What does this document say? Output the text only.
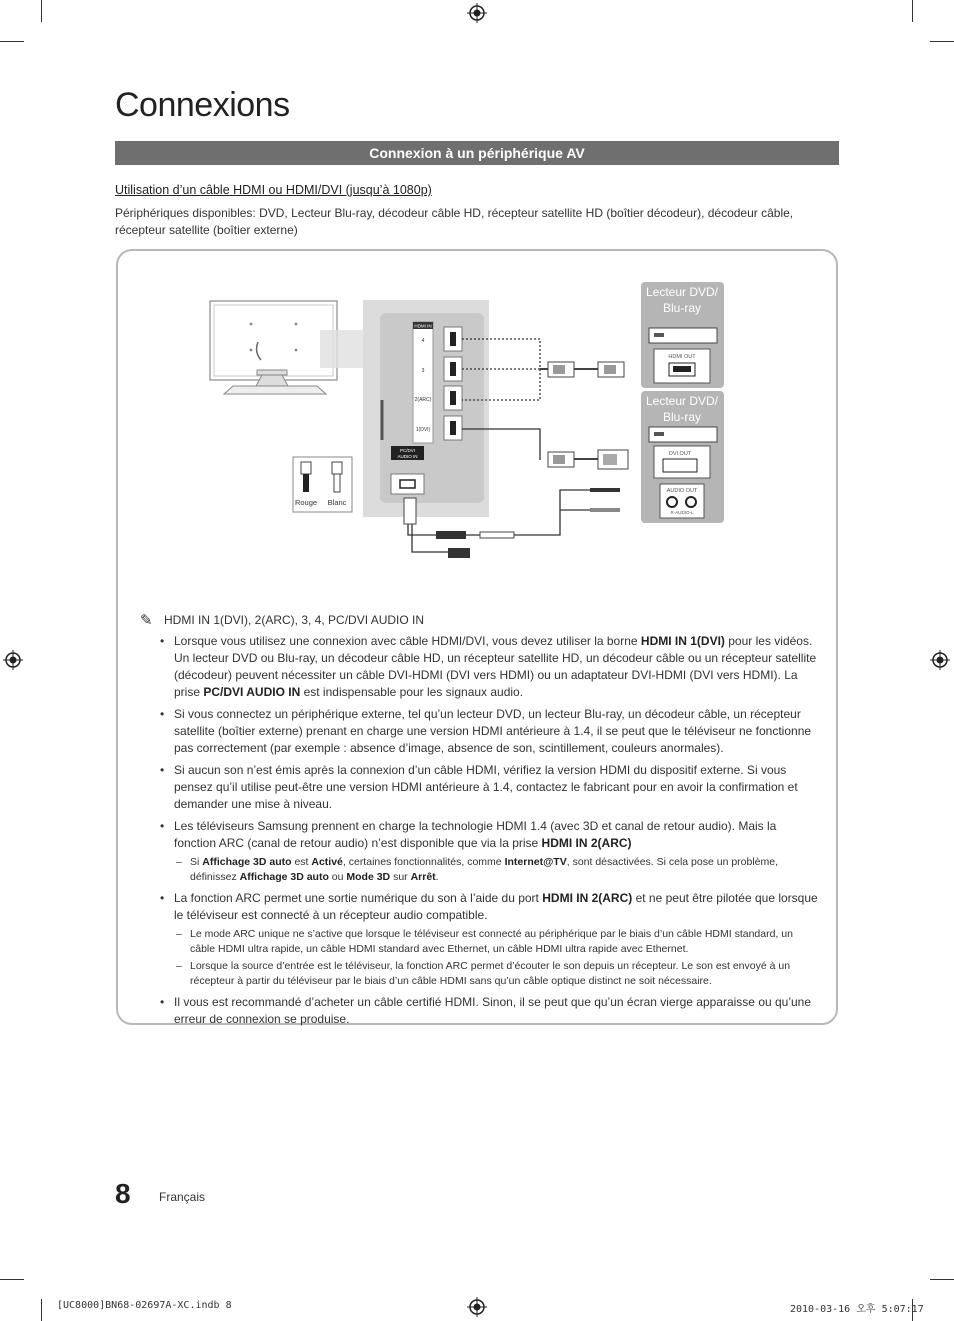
Connexions
Connexion à un périphérique AV
Utilisation d’un câble HDMI ou HDMI/DVI (jusqu’à 1080p)
Périphériques disponibles: DVD, Lecteur Blu-ray, décodeur câble HD, récepteur satellite HD (boîtier décodeur), décodeur câble, récepteur satellite (boîtier externe)
HDMI IN
4
3
2(ARC)
1(DVI)
PC/DVI
AUDIO IN
Rouge Blanc
Lecteur DVD/
Blu-ray
HDMI OUT
Lecteur DVD/
Blu-ray
DVI OUT
AUDIO OUT
R-AUDIO-L
✎ HDMI IN 1(DVI), 2(ARC), 3, 4, PC/DVI AUDIO IN
• Lorsque vous utilisez une connexion avec câble HDMI/DVI, vous devez utiliser la borne HDMI IN 1(DVI) pour les vidéos. Un lecteur DVD ou Blu-ray, un décodeur câble HD, un récepteur satellite HD, un décodeur câble ou un récepteur satellite (décodeur) peuvent nécessiter un câble DVI-HDMI (DVI vers HDMI) ou un adaptateur DVI-HDMI (DVI vers HDMI). La prise PC/DVI AUDIO IN est indispensable pour les signaux audio.
• Si vous connectez un périphérique externe, tel qu’un lecteur DVD, un lecteur Blu-ray, un décodeur câble, un récepteur satellite (boîtier externe) prenant en charge une version HDMI antérieure à 1.4, il se peut que le téléviseur ne fonctionne pas correctement (par exemple : absence d’image, absence de son, scintillement, couleurs anormales).
• Si aucun son n’est émis après la connexion d’un câble HDMI, vérifiez la version HDMI du dispositif externe. Si vous pensez qu’il utilise peut-être une version HDMI antérieure à 1.4, contactez le fabricant pour en avoir la confirmation et demander une mise à niveau.
• Les téléviseurs Samsung prennent en charge la technologie HDMI 1.4 (avec 3D et canal de retour audio). Mais la fonction ARC (canal de retour audio) n’est disponible que via la prise HDMI IN 2(ARC)
– Si Affichage 3D auto est Activé, certaines fonctionnalités, comme Internet@TV, sont désactivées. Si cela pose un problème, définissez Affichage 3D auto ou Mode 3D sur Arrêt.
• La fonction ARC permet une sortie numérique du son à l’aide du port HDMI IN 2(ARC) et ne peut être pilotée que lorsque le téléviseur est connecté à un récepteur audio compatible.
– Le mode ARC unique ne s’active que lorsque le téléviseur est connecté au périphérique par le biais d’un câble HDMI standard, un câble HDMI ultra rapide, un câble HDMI standard avec Ethernet, un câble HDMI ultra rapide avec Ethernet.
– Lorsque la source d’entrée est le téléviseur, la fonction ARC permet d’écouter le son depuis un récepteur. Le son est envoyé à un récepteur à partir du téléviseur par le biais d’un câble HDMI sans qu’un câble optique distinct ne soit nécessaire.
• Il vous est recommandé d’acheter un câble certifié HDMI. Sinon, il se peut que qu’un écran vierge apparaisse ou qu’une erreur de connexion se produise.
8 Français
[UC8000]BN68-02697A-XC.indb 8	2010-03-16 오후 5:07:17
